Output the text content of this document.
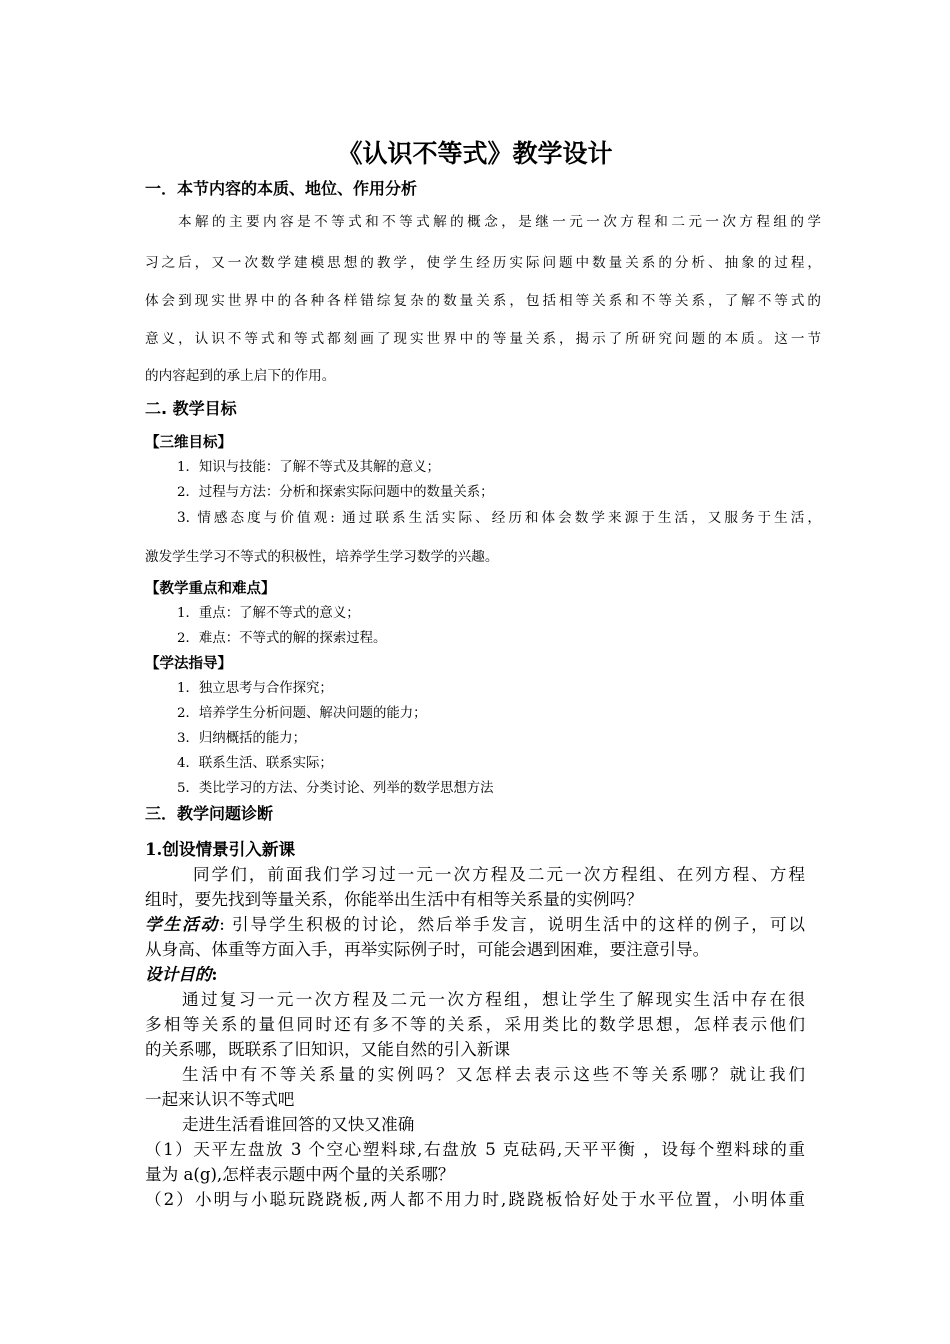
《认识不等式》教学设计
一．本节内容的本质、地位、作用分析
本解的主要内容是不等式和不等式解的概念，是继一元一次方程和二元一次方程组的学
习之后，又一次数学建模思想的教学，使学生经历实际问题中数量关系的分析、抽象的过程，
体会到现实世界中的各种各样错综复杂的数量关系，包括相等关系和不等关系，了解不等式的
意义，认识不等式和等式都刻画了现实世界中的等量关系，揭示了所研究问题的本质。这一节
的内容起到的承上启下的作用。
二. 教学目标
【三维目标】
1．知识与技能：了解不等式及其解的意义；
2．过程与方法：分析和探索实际问题中的数量关系；
3. 情感态度与价值观: 通过联系生活实际、经历和体会数学来源于生活，又服务于生活，
激发学生学习不等式的积极性，培养学生学习数学的兴趣。
【教学重点和难点】
1．重点：了解不等式的意义；
2．难点：不等式的解的探索过程。
【学法指导】
1．独立思考与合作探究；
2．培养学生分析问题、解决问题的能力；
3．归纳概括的能力；
4．联系生活、联系实际；
5．类比学习的方法、分类讨论、列举的数学思想方法
三．教学问题诊断
1.创设情景引入新课
同学们，前面我们学习过一元一次方程及二元一次方程组、在列方程、方程
组时，要先找到等量关系，你能举出生活中有相等关系量的实例吗？
学生活动: 引导学生积极的讨论，然后举手发言，说明生活中的这样的例子，可以
从身高、体重等方面入手，再举实际例子时，可能会遇到困难，要注意引导。
设计目的:
通过复习一元一次方程及二元一次方程组，想让学生了解现实生活中存在很
多相等关系的量但同时还有多不等的关系，采用类比的数学思想，怎样表示他们
的关系哪，既联系了旧知识，又能自然的引入新课
生活中有不等关系量的实例吗？又怎样去表示这些不等关系哪？就让我们
一起来认识不等式吧
走进生活看谁回答的又快又准确
（1）天平左盘放 3 个空心塑料球,右盘放 5 克砝码,天平平衡 ，设每个塑料球的重
量为 a(g),怎样表示题中两个量的关系哪？
（2）小明与小聪玩跷跷板,两人都不用力时,跷跷板恰好处于水平位置，小明体重
